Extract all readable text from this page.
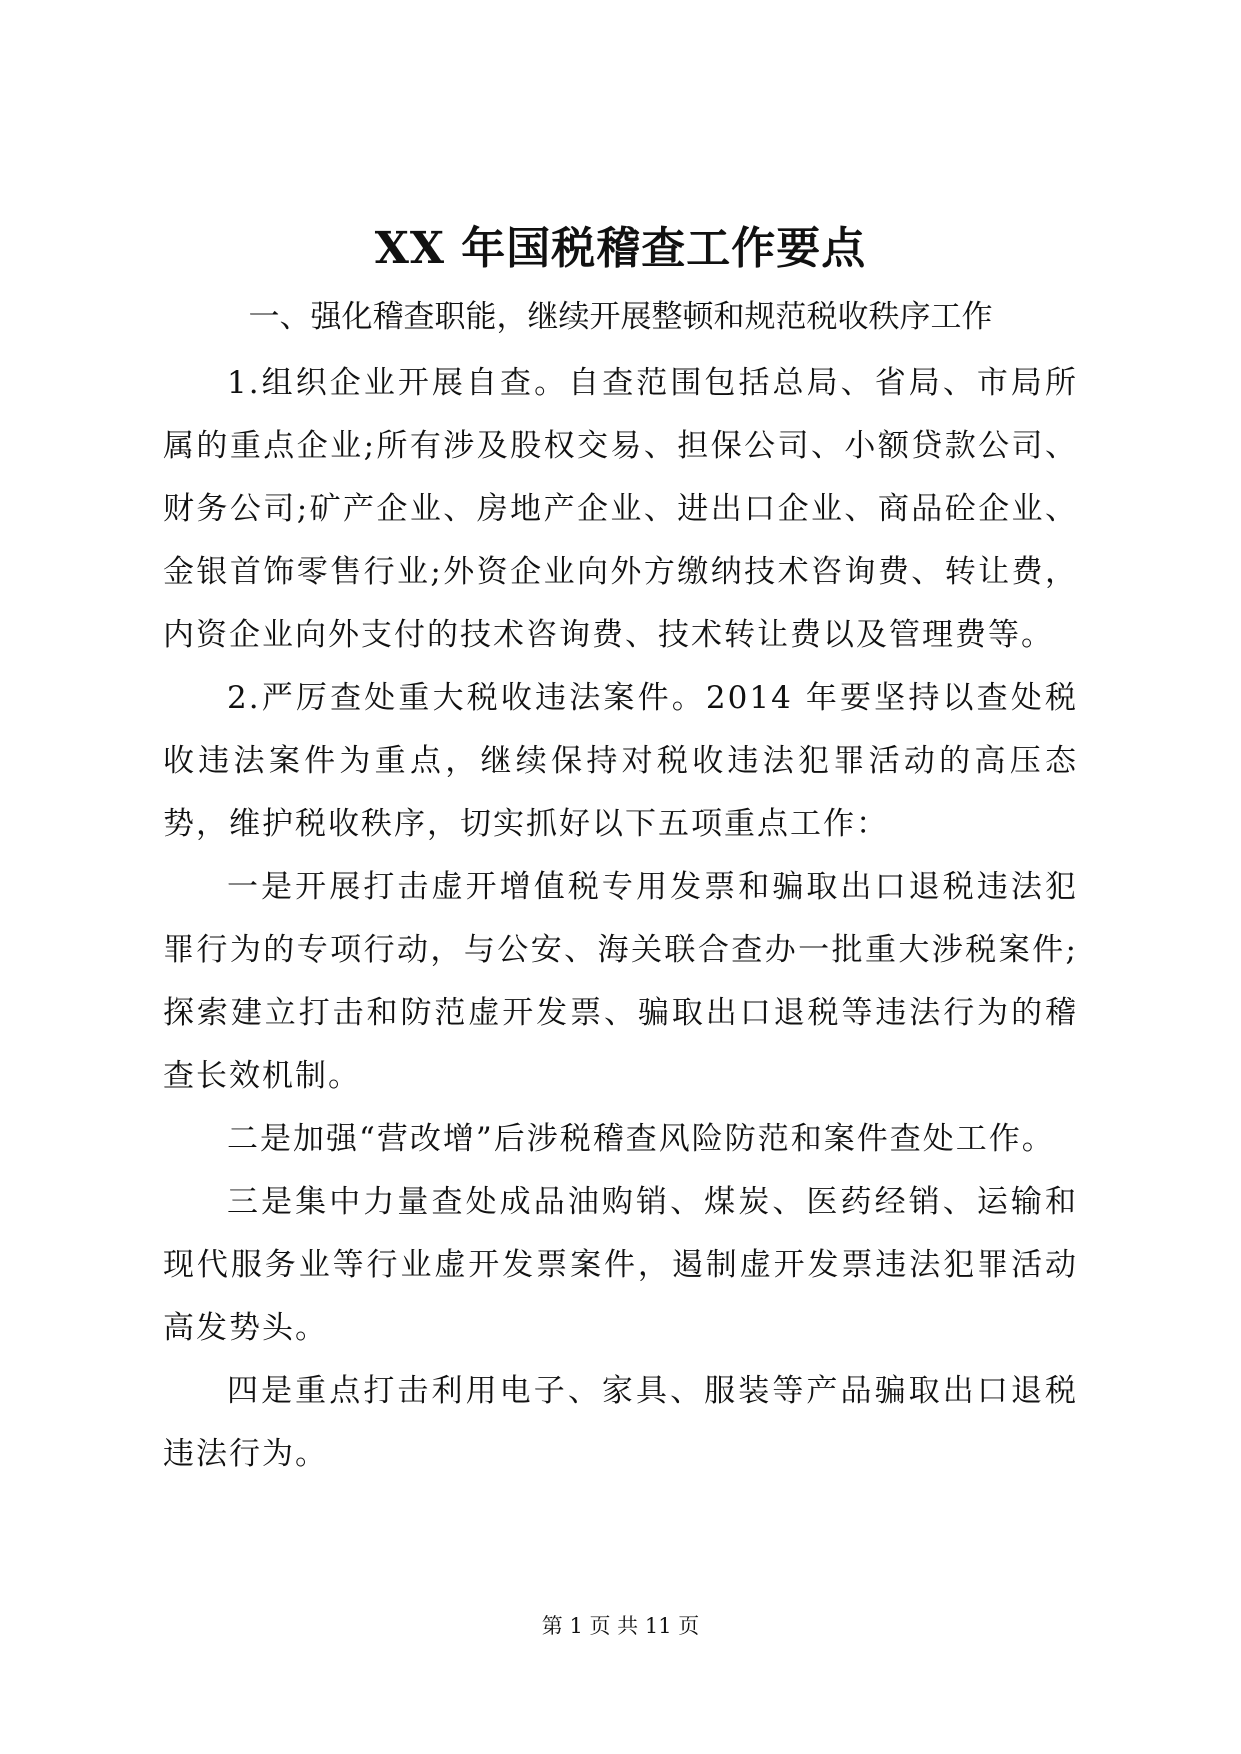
XX 年国税稽查工作要点
一、强化稽查职能，继续开展整顿和规范税收秩序工作

1.组织企业开展自查。自查范围包括总局、省局、市局所属的重点企业;所有涉及股权交易、担保公司、小额贷款公司、财务公司;矿产企业、房地产企业、进出口企业、商品砼企业、金银首饰零售行业;外资企业向外方缴纳技术咨询费、转让费，内资企业向外支付的技术咨询费、技术转让费以及管理费等。

2.严厉查处重大税收违法案件。2014 年要坚持以查处税收违法案件为重点，继续保持对税收违法犯罪活动的高压态势，维护税收秩序，切实抓好以下五项重点工作：

一是开展打击虚开增值税专用发票和骗取出口退税违法犯罪行为的专项行动，与公安、海关联合查办一批重大涉税案件;探索建立打击和防范虚开发票、骗取出口退税等违法行为的稽查长效机制。

二是加强“营改增”后涉税稽查风险防范和案件查处工作。

三是集中力量查处成品油购销、煤炭、医药经销、运输和现代服务业等行业虚开发票案件，遏制虚开发票违法犯罪活动高发势头。

四是重点打击利用电子、家具、服装等产品骗取出口退税违法行为。

第 1 页 共 11 页
